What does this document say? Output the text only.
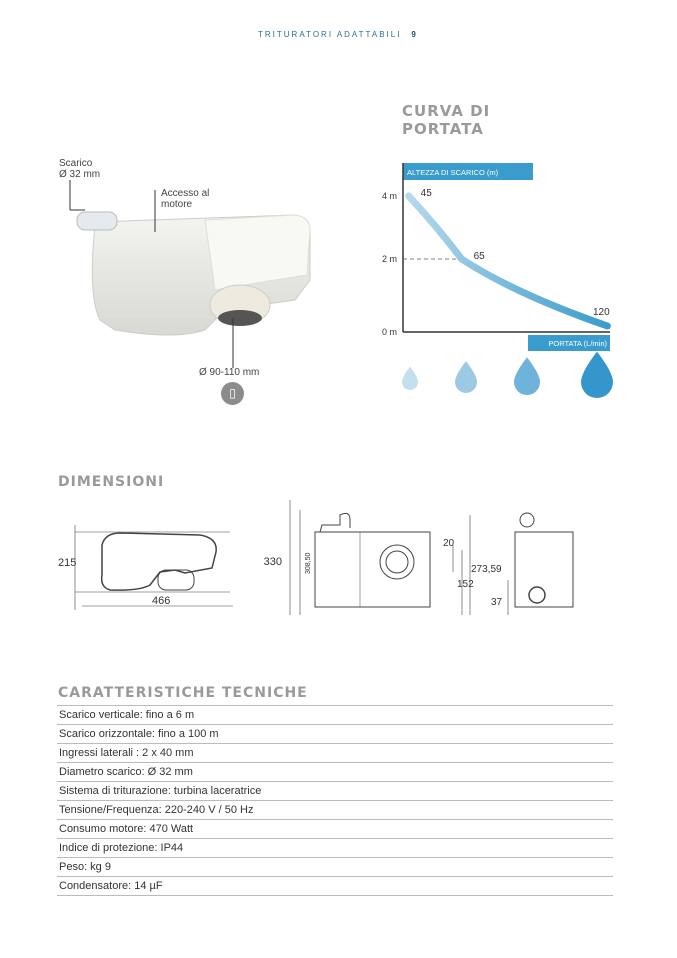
TRITURATORI ADATTABILI 9
Scarico
Ø 32 mm
Accesso al
motore
Ø 90-110 mm
▯
CURVA DI
PORTATA
ALTEZZA DI SCARICO (m)
PORTATA (L/min)
4 m
2 m
0 m
45
65
120
DIMENSIONI
215
466
330	308,50
20
273,59
152
37
CARATTERISTICHE TECNICHE
Scarico verticale: fino a 6 m
Scarico orizzontale: fino a 100 m
Ingressi laterali : 2 x 40 mm
Diametro scarico: Ø 32 mm
Sistema di triturazione: turbina laceratrice
Tensione/Frequenza: 220-240 V / 50 Hz
Consumo motore: 470 Watt
Indice di protezione: IP44
Peso: kg 9
Condensatore: 14 µF
